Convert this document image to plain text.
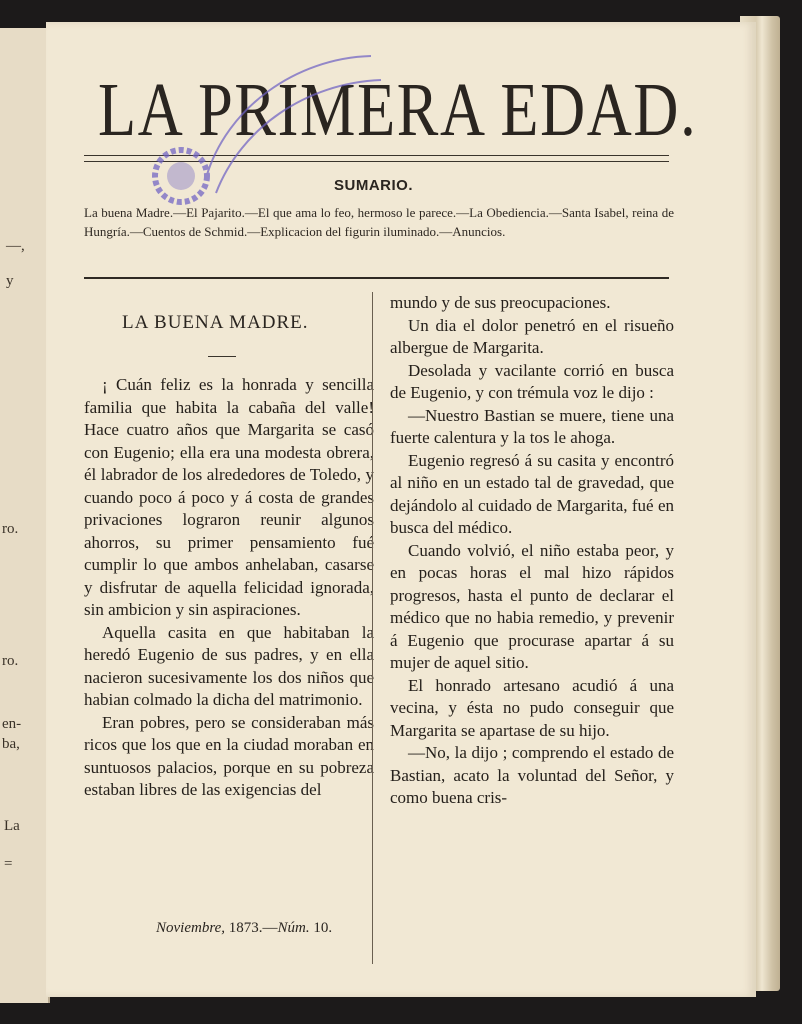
—,
y
ro.
ro.
en-
ba,
La
=
LA PRIMERA EDAD.
SUMARIO.
La buena Madre.—El Pajarito.—El que ama lo feo, hermoso le parece.—La Obediencia.—Santa Isabel, reina de Hungría.—Cuentos de Schmid.—Explicacion del figurin iluminado.—Anuncios.
LA BUENA MADRE.

¡ Cuán feliz es la honrada y sencilla familia que habita la cabaña del valle! Hace cuatro años que Margarita se casó con Eugenio; ella era una modesta obrera, él labrador de los alrededores de Toledo, y cuando poco á poco y á costa de grandes privaciones lograron reunir algunos ahorros, su primer pensamiento fué cumplir lo que ambos anhelaban, casarse y disfrutar de aquella felicidad ignorada, sin ambicion y sin aspiraciones.

Aquella casita en que habitaban la heredó Eugenio de sus padres, y en ella nacieron sucesivamente los dos niños que habian colmado la dicha del matrimonio.

Eran pobres, pero se consideraban más ricos que los que en la ciudad moraban en suntuosos palacios, porque en su pobreza estaban libres de las exigencias del

mundo y de sus preocupaciones.

Un dia el dolor penetró en el risueño albergue de Margarita.

Desolada y vacilante corrió en busca de Eugenio, y con trémula voz le dijo :

—Nuestro Bastian se muere, tiene una fuerte calentura y la tos le ahoga.

Eugenio regresó á su casita y encontró al niño en un estado tal de gravedad, que dejándolo al cuidado de Margarita, fué en busca del médico.

Cuando volvió, el niño estaba peor, y en pocas horas el mal hizo rápidos progresos, hasta el punto de declarar el médico que no habia remedio, y prevenir á Eugenio que procurase apartar á su mujer de aquel sitio.

El honrado artesano acudió á una vecina, y ésta no pudo conseguir que Margarita se apartase de su hijo.

—No, la dijo ; comprendo el estado de Bastian, acato la voluntad del Señor, y como buena cris-

Noviembre, 1873.—Núm. 10.
